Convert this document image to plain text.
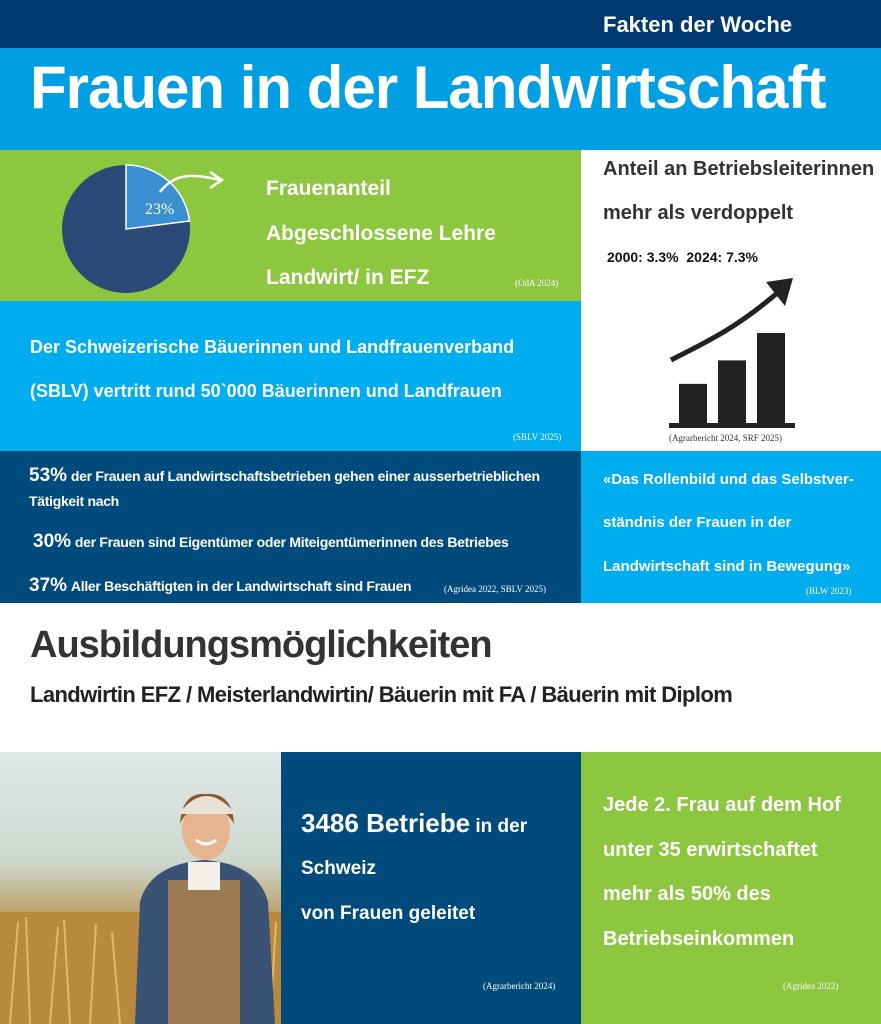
Fakten der Woche
Frauen in der Landwirtschaft
23%
Frauenanteil
Abgeschlossene Lehre
Landwirt/ in EFZ	(OdA 2024)
Anteil an Betriebsleiterinnen
mehr als verdoppelt
2000: 3.3%  2024: 7.3%
(Agrarbericht 2024, SRF 2025)
Der Schweizerische Bäuerinnen und Landfrauenverband
(SBLV) vertritt rund 50`000 Bäuerinnen und Landfrauen
(SBLV 2025)
53% der Frauen auf Landwirtschaftsbetrieben gehen einer ausserbetrieblichen
Tätigkeit nach
30% der Frauen sind Eigentümer oder Miteigentümerinnen des Betriebes
37% Aller Beschäftigten in der Landwirtschaft sind Frauen	(Agridea 2022, SBLV 2025)
«Das Rollenbild und das Selbstver-
ständnis der Frauen in der
Landwirtschaft sind in Bewegung»
(BLW 2023)
Ausbildungsmöglichkeiten
Landwirtin EFZ / Meisterlandwirtin/ Bäuerin mit FA / Bäuerin mit Diplom
3486 Betriebe in der
Schweiz
von Frauen geleitet
(Agrarbericht 2024)
Jede 2. Frau auf dem Hof
unter 35 erwirtschaftet
mehr als 50% des
Betriebseinkommen
(Agridea 2022)
